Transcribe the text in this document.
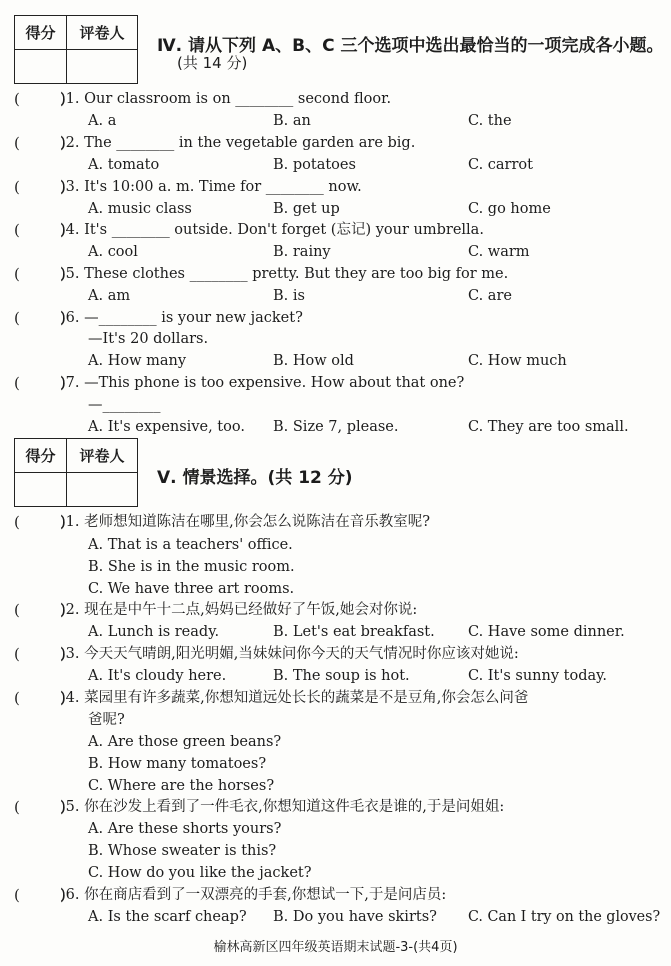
得分	评卷人

Ⅳ. 请从下列 A、B、C 三个选项中选出最恰当的一项完成各小题。
(共 14 分)
( )	)1. Our classroom is on ________ second floor.
A. a	B. an	C. the
( )	)2. The ________ in the vegetable garden are big.
A. tomato	B. potatoes	C. carrot
( )	)3. It's 10:00 a. m. Time for ________ now.
A. music class	B. get up	C. go home
( )	)4. It's ________ outside. Don't forget (忘记) your umbrella.
A. cool	B. rainy	C. warm
( )	)5. These clothes ________ pretty. But they are too big for me.
A. am	B. is	C. are
( )	)6. —________ is your new jacket?
—It's 20 dollars.
A. How many	B. How old	C. How much
( )	)7. —This phone is too expensive. How about that one?
—________
A. It's expensive, too. B. Size 7, please.	C. They are too small.
得分	评卷人

Ⅴ. 情景选择。(共 12 分)
( )	)1. 老师想知道陈洁在哪里,你会怎么说陈洁在音乐教室呢?
A. That is a teachers' office.
B. She is in the music room.
C. We have three art rooms.
( )	)2. 现在是中午十二点,妈妈已经做好了午饭,她会对你说:
A. Lunch is ready.	B. Let's eat breakfast. C. Have some dinner.
( )	)3. 今天天气晴朗,阳光明媚,当妹妹问你今天的天气情况时你应该对她说:
A. It's cloudy here.	B. The soup is hot.	C. It's sunny today.
( )	)4. 菜园里有许多蔬菜,你想知道远处长长的蔬菜是不是豆角,你会怎么问爸
爸呢?
A. Are those green beans?
B. How many tomatoes?
C. Where are the horses?
( )	)5. 你在沙发上看到了一件毛衣,你想知道这件毛衣是谁的,于是问姐姐:
A. Are these shorts yours?
B. Whose sweater is this?
C. How do you like the jacket?
( )	)6. 你在商店看到了一双漂亮的手套,你想试一下,于是问店员:
A. Is the scarf cheap? B. Do you have skirts? C. Can I try on the gloves?
榆林高新区四年级英语期末试题-3-(共4页)
